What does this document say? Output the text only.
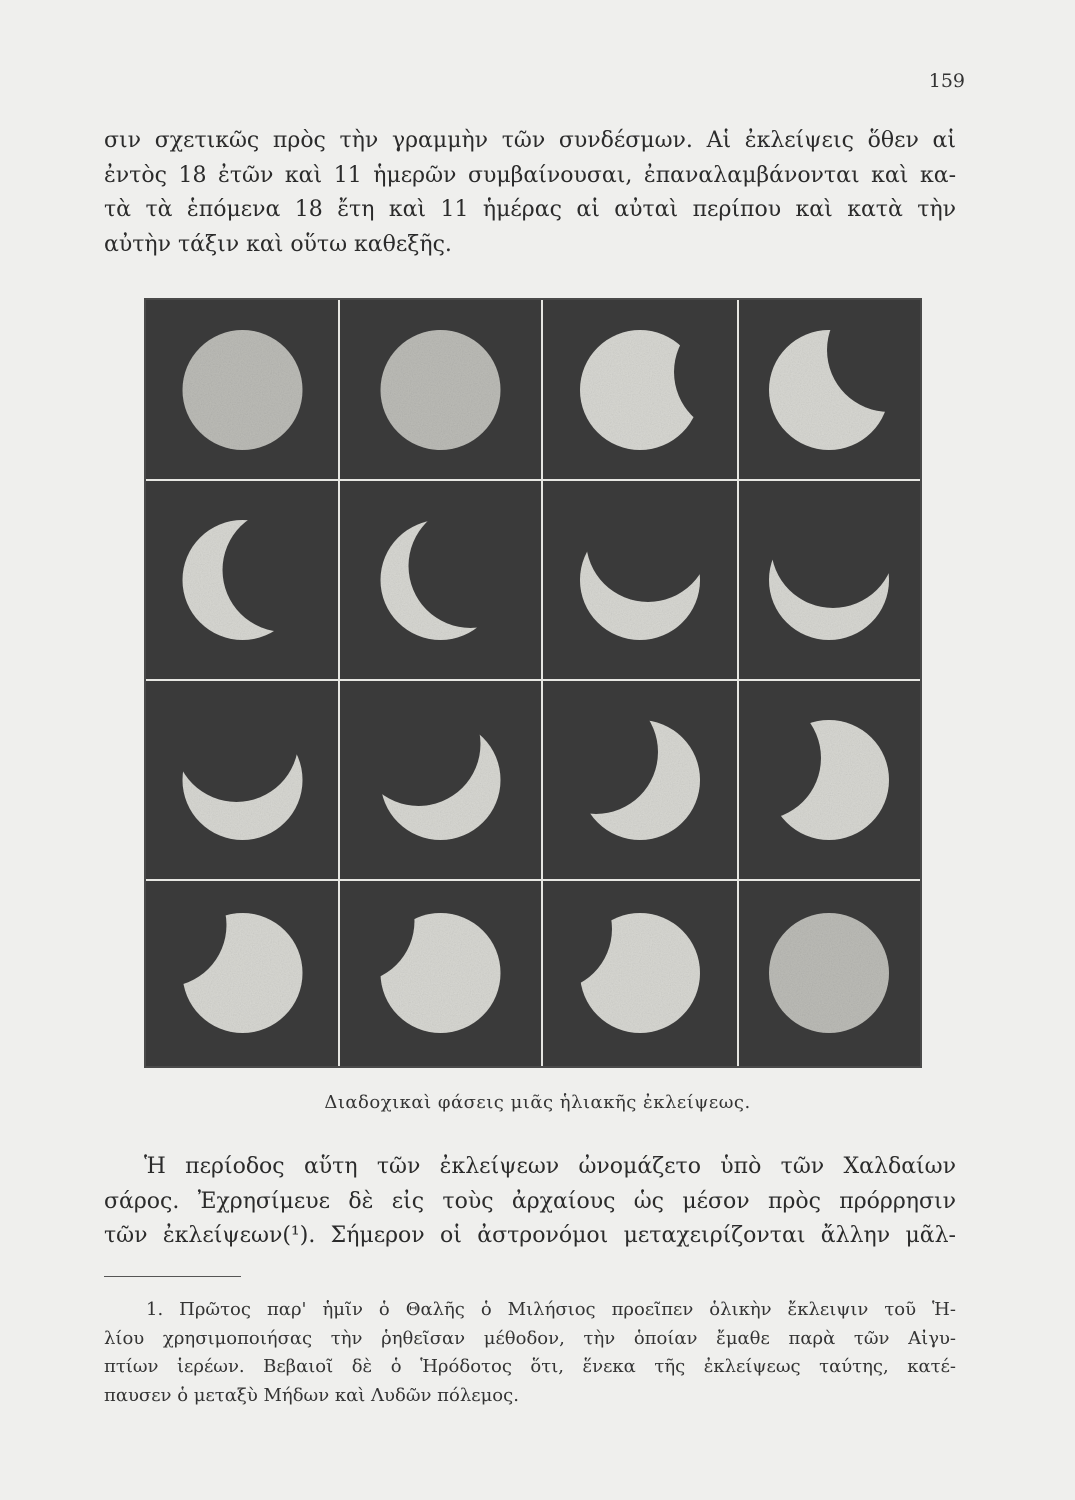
159
σιν σχετικῶς πρὸς τὴν γραμμὴν τῶν συνδέσμων. Αἱ ἐκλείψεις ὅθεν αἱ
ἐντὸς 18 ἐτῶν καὶ 11 ἡμερῶν συμβαίνουσαι, ἐπαναλαμβάνονται καὶ κα-
τὰ τὰ ἑπόμενα 18 ἔτη καὶ 11 ἡμέρας αἱ αὐταὶ περίπου καὶ κατὰ τὴν
αὐτὴν τάξιν καὶ οὕτω καθεξῆς.
Διαδοχικαὶ φάσεις μιᾶς ἡλιακῆς ἐκλείψεως.
Ἡ περίοδος αὕτη τῶν ἐκλείψεων ὠνομάζετο ὑπὸ τῶν Χαλδαίων
σάρος. Ἐχρησίμευε δὲ εἰς τοὺς ἀρχαίους ὡς μέσον πρὸς πρόρρησιν
τῶν ἐκλείψεων(¹). Σήμερον οἱ ἀστρονόμοι μεταχειρίζονται ἄλλην μᾶλ-
1. Πρῶτος παρ' ἡμῖν ὁ Θαλῆς ὁ Μιλήσιος προεῖπεν ὁλικὴν ἔκλειψιν τοῦ Ἡ-
λίου χρησιμοποιήσας τὴν ῥηθεῖσαν μέθοδον, τὴν ὁποίαν ἔμαθε παρὰ τῶν Αἰγυ-
πτίων ἱερέων. Βεβαιοῖ δὲ ὁ Ἡρόδοτος ὅτι, ἕνεκα τῆς ἐκλείψεως ταύτης, κατέ-
παυσεν ὁ μεταξὺ Μήδων καὶ Λυδῶν πόλεμος.
